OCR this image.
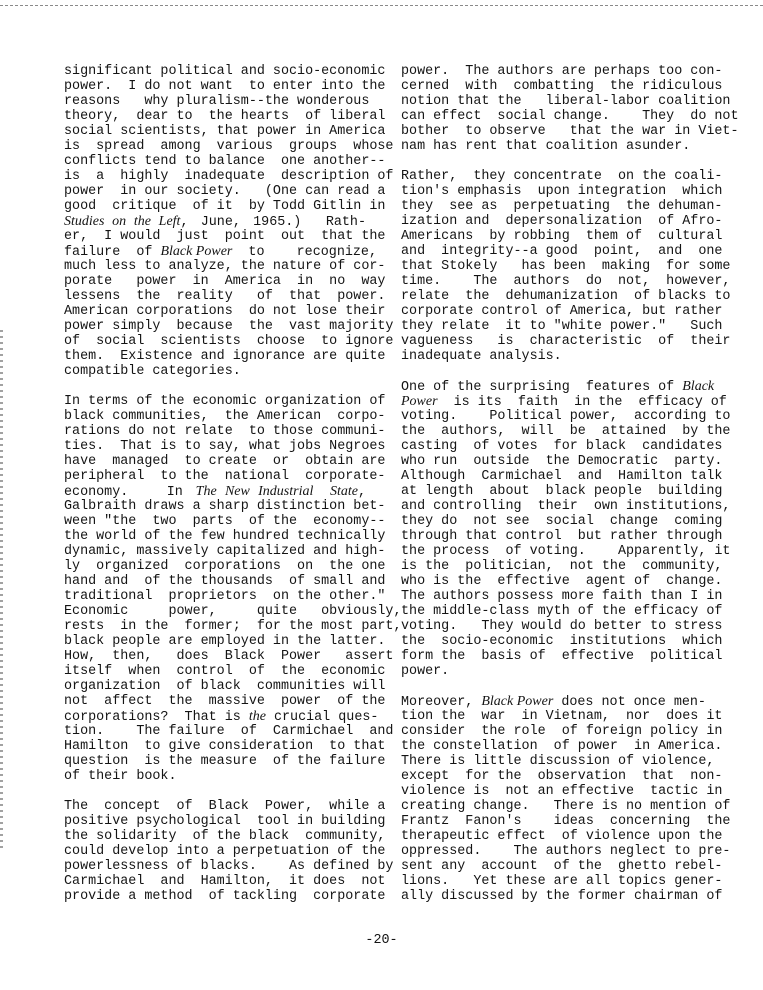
significant political and socio-economic
power.  I do not want  to enter into the
reasons   why pluralism--the wonderous
theory,  dear to  the hearts  of liberal
social scientists, that power in America
is  spread  among  various  groups  whose
conflicts tend to balance  one another--
is  a  highly  inadequate  description of
power  in our society.   (One can read a
good  critique  of it  by Todd Gitlin in
Studies on the Left, June, 1965.)  Rath-
er,  I would  just  point  out  that the
failure  of Black Power  to    recognize,
much less to analyze, the nature of cor-
porate   power  in  America  in  no  way
lessens  the  reality   of  that  power.
American corporations  do not lose their
power simply  because  the  vast majority
of  social  scientists  choose  to ignore
them.  Existence and ignorance are quite
compatible categories.
In terms of the economic organization of
black communities,  the American  corpo-
rations do not relate  to those communi-
ties.  That is to say, what jobs Negroes
have  managed  to create  or  obtain are
peripheral  to the  national  corporate-
economy.   In The New Industrial  State,
Galbraith draws a sharp distinction bet-
ween "the  two  parts  of the  economy--
the world of the few hundred technically
dynamic, massively capitalized and high-
ly  organized  corporations  on  the one
hand and  of the thousands  of small and
traditional  proprietors  on the other."
Economic     power,     quite   obviously,
rests  in the  former;  for the most part,
black people are employed in the latter.
How,  then,   does  Black  Power   assert
itself  when  control  of  the  economic
organization  of black  communities will
not  affect  the  massive  power  of the
corporations?  That is the crucial ques-
tion.    The failure  of  Carmichael  and
Hamilton  to give consideration  to that
question  is the measure  of the failure
of their book.
The  concept  of  Black  Power,  while a
positive psychological  tool in building
the solidarity  of the black  community,
could develop into a perpetuation of the
powerlessness of blacks.    As defined by
Carmichael  and  Hamilton,  it does  not
provide a method  of tackling  corporate
power.  The authors are perhaps too con-
cerned  with  combatting  the ridiculous
notion that the   liberal-labor coalition
can effect  social change.    They  do not
bother  to observe   that the war in Viet-
nam has rent that coalition asunder.
Rather,  they concentrate  on the coali-
tion's emphasis  upon integration  which
they  see as  perpetuating  the dehuman-
ization and  depersonalization  of Afro-
Americans  by robbing  them of  cultural
and  integrity--a good  point,  and  one
that Stokely   has been  making  for some
time.    The  authors  do  not,  however,
relate  the  dehumanization  of blacks to
corporate control of America, but rather
they relate  it to "white power."   Such
vagueness   is  characteristic  of  their
inadequate analysis.
One of the surprising  features of Black
Power  is its  faith  in the  efficacy of
voting.    Political power,  according to
the  authors,  will  be  attained  by the
casting  of votes  for black  candidates
who run  outside  the Democratic  party.
Although  Carmichael  and  Hamilton talk
at length  about  black people  building
and controlling  their  own institutions,
they do  not see  social  change  coming
through that control  but rather through
the process  of voting.    Apparently, it
is the  politician,  not the  community,
who is the  effective  agent of  change.
The authors possess more faith than I in
the middle-class myth of the efficacy of
voting.   They would do better to stress
the  socio-economic  institutions  which
form the  basis of  effective  political
power.
Moreover, Black Power does not once men-
tion the  war  in Vietnam,  nor  does it
consider  the role  of foreign policy in
the constellation  of power  in America.
There is little discussion of violence,
except  for the  observation  that  non-
violence is  not an effective  tactic in
creating change.   There is no mention of
Frantz  Fanon's    ideas  concerning  the
therapeutic effect  of violence upon the
oppressed.    The authors neglect to pre-
sent any  account  of the  ghetto rebel-
lions.   Yet these are all topics gener-
ally discussed by the former chairman of
-20-
